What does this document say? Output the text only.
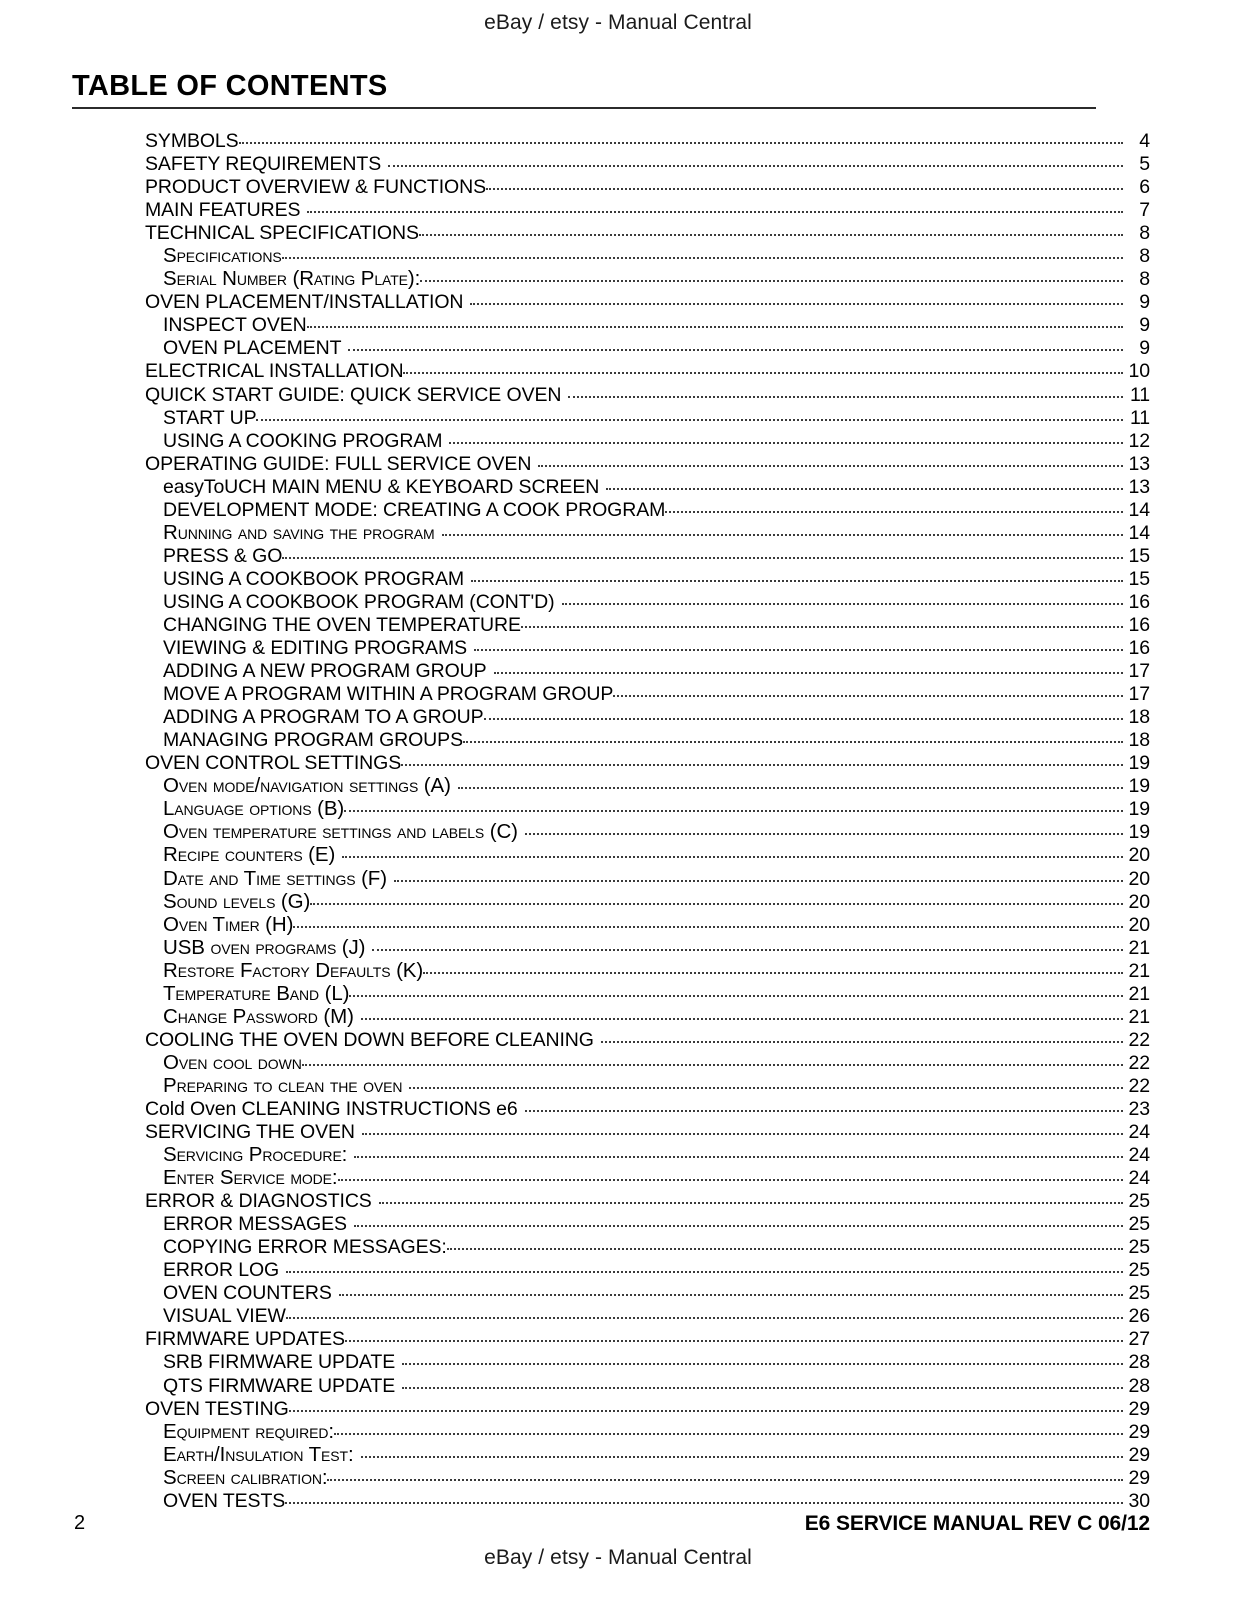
eBay / etsy - Manual Central
TABLE OF CONTENTS
SYMBOLS	4
SAFETY REQUIREMENTS	5
PRODUCT OVERVIEW & FUNCTIONS	6
MAIN FEATURES	7
TECHNICAL SPECIFICATIONS	8
Specifications	8
Serial Number (Rating Plate):	8
OVEN PLACEMENT/INSTALLATION	9
INSPECT OVEN	9
OVEN PLACEMENT	9
ELECTRICAL INSTALLATION	10
QUICK START GUIDE: QUICK SERVICE OVEN	11
START UP	11
USING A COOKING PROGRAM	12
OPERATING GUIDE: FULL SERVICE OVEN	13
easyToUCH MAIN MENU & KEYBOARD SCREEN	13
DEVELOPMENT MODE: CREATING A COOK PROGRAM	14
Running and saving the program	14
PRESS & GO	15
USING A COOKBOOK PROGRAM	15
USING A COOKBOOK PROGRAM (CONT'D)	16
CHANGING THE OVEN TEMPERATURE	16
VIEWING & EDITING PROGRAMS	16
ADDING A NEW PROGRAM GROUP	17
MOVE A PROGRAM WITHIN A PROGRAM GROUP	17
ADDING A PROGRAM TO A GROUP	18
MANAGING PROGRAM GROUPS	18
OVEN CONTROL SETTINGS	19
Oven mode/navigation settings (A)	19
Language options (B)	19
Oven temperature settings and labels (C)	19
Recipe counters (E)	20
Date and Time settings (F)	20
Sound levels (G)	20
Oven Timer (H)	20
USB oven programs (J)	21
Restore Factory Defaults (K)	21
Temperature Band (L)	21
Change Password (M)	21
COOLING THE OVEN DOWN BEFORE CLEANING	22
Oven cool down	22
Preparing to clean the oven	22
Cold Oven CLEANING INSTRUCTIONS e6	23
SERVICING THE OVEN	24
Servicing Procedure:	24
Enter Service mode:	24
ERROR & DIAGNOSTICS	25
ERROR MESSAGES	25
COPYING ERROR MESSAGES:	25
ERROR LOG	25
OVEN COUNTERS	25
VISUAL VIEW	26
FIRMWARE UPDATES	27
SRB FIRMWARE UPDATE	28
QTS FIRMWARE UPDATE	28
OVEN TESTING	29
Equipment required:	29
Earth/Insulation Test:	29
Screen calibration:	29
OVEN TESTS	30
2	E6 SERVICE MANUAL REV C 06/12
eBay / etsy - Manual Central
